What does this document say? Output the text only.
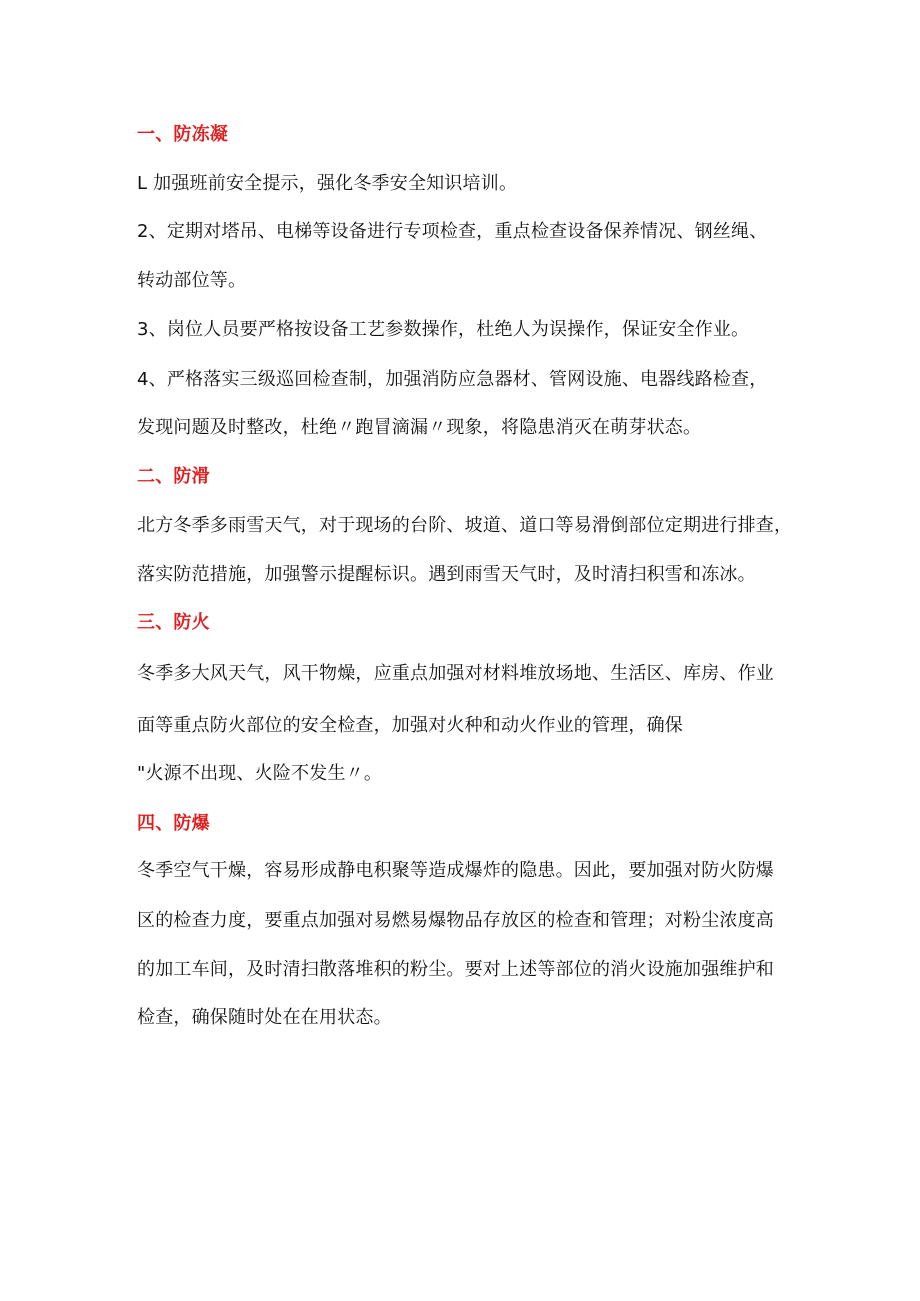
一、防冻凝
L 加强班前安全提示，强化冬季安全知识培训。
2、定期对塔吊、电梯等设备进行专项检查，重点检查设备保养情况、钢丝绳、
转动部位等。
3、岗位人员要严格按设备工艺参数操作，杜绝人为误操作，保证安全作业。
4、严格落实三级巡回检查制，加强消防应急器材、管网设施、电器线路检查，
发现问题及时整改，杜绝〃跑冒滴漏〃现象，将隐患消灭在萌芽状态。
二、防滑
北方冬季多雨雪天气，对于现场的台阶、坡道、道口等易滑倒部位定期进行排查，
落实防范措施，加强警示提醒标识。遇到雨雪天气时，及时清扫积雪和冻冰。
三、防火
冬季多大风天气，风干物燥，应重点加强对材料堆放场地、生活区、库房、作业
面等重点防火部位的安全检查，加强对火种和动火作业的管理，确保
"火源不出现、火险不发生〃。
四、防爆
冬季空气干燥，容易形成静电积聚等造成爆炸的隐患。因此，要加强对防火防爆
区的检查力度，要重点加强对易燃易爆物品存放区的检查和管理；对粉尘浓度高
的加工车间，及时清扫散落堆积的粉尘。要对上述等部位的消火设施加强维护和
检查，确保随时处在在用状态。
